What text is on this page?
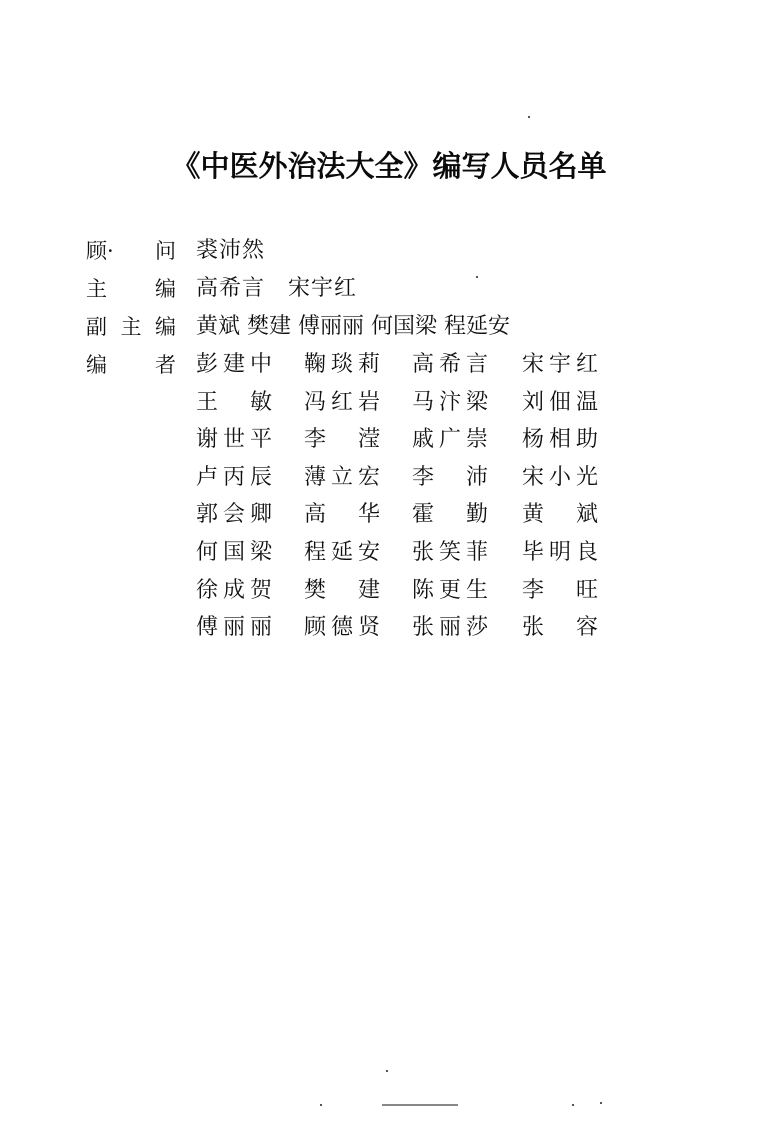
《中医外治法大全》编写人员名单
顾· 问 裘沛然
主 编 高希言　宋宇红
副 主 编 黄斌 樊建 傅丽丽 何国梁 程延安
编 者 彭 建 中 鞠 琰 莉 高 希 言 宋 宇 红
王 敏 冯 红 岩 马 汴 梁 刘 佃 温
谢 世 平 李 滢 戚 广 崇 杨 相 助
卢 丙 辰 薄 立 宏 李 沛 宋 小 光
郭 会 卿 高 华 霍 勤 黄 斌
何 国 梁 程 延 安 张 笑 菲 毕 明 良
徐 成 贺 樊 建 陈 更 生 李 旺
傅 丽 丽 顾 德 贤 张 丽 莎 张 容
